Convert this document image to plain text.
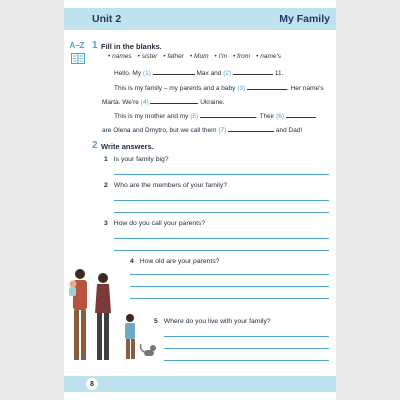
Unit 2	My Family
A–Z 1 Fill in the blanks.
• names	• sister	• father	• Mum	• I'm	• from	• name's
Hello. My (1)	Max and (2)	11.
This is my family – my parents and a baby (3)	. Her name's
Marta. We're (4)	Ukraine.
This is my mother and my (5)	. Their (6)
are Olena and Dmytro, but we call them (7)	and Dad!
2 Write answers.
1 Is your family big?
2 Who are the members of your family?
3 How do you call your parents?
4 How old are your parents?
5 Where do you live with your family?
8
